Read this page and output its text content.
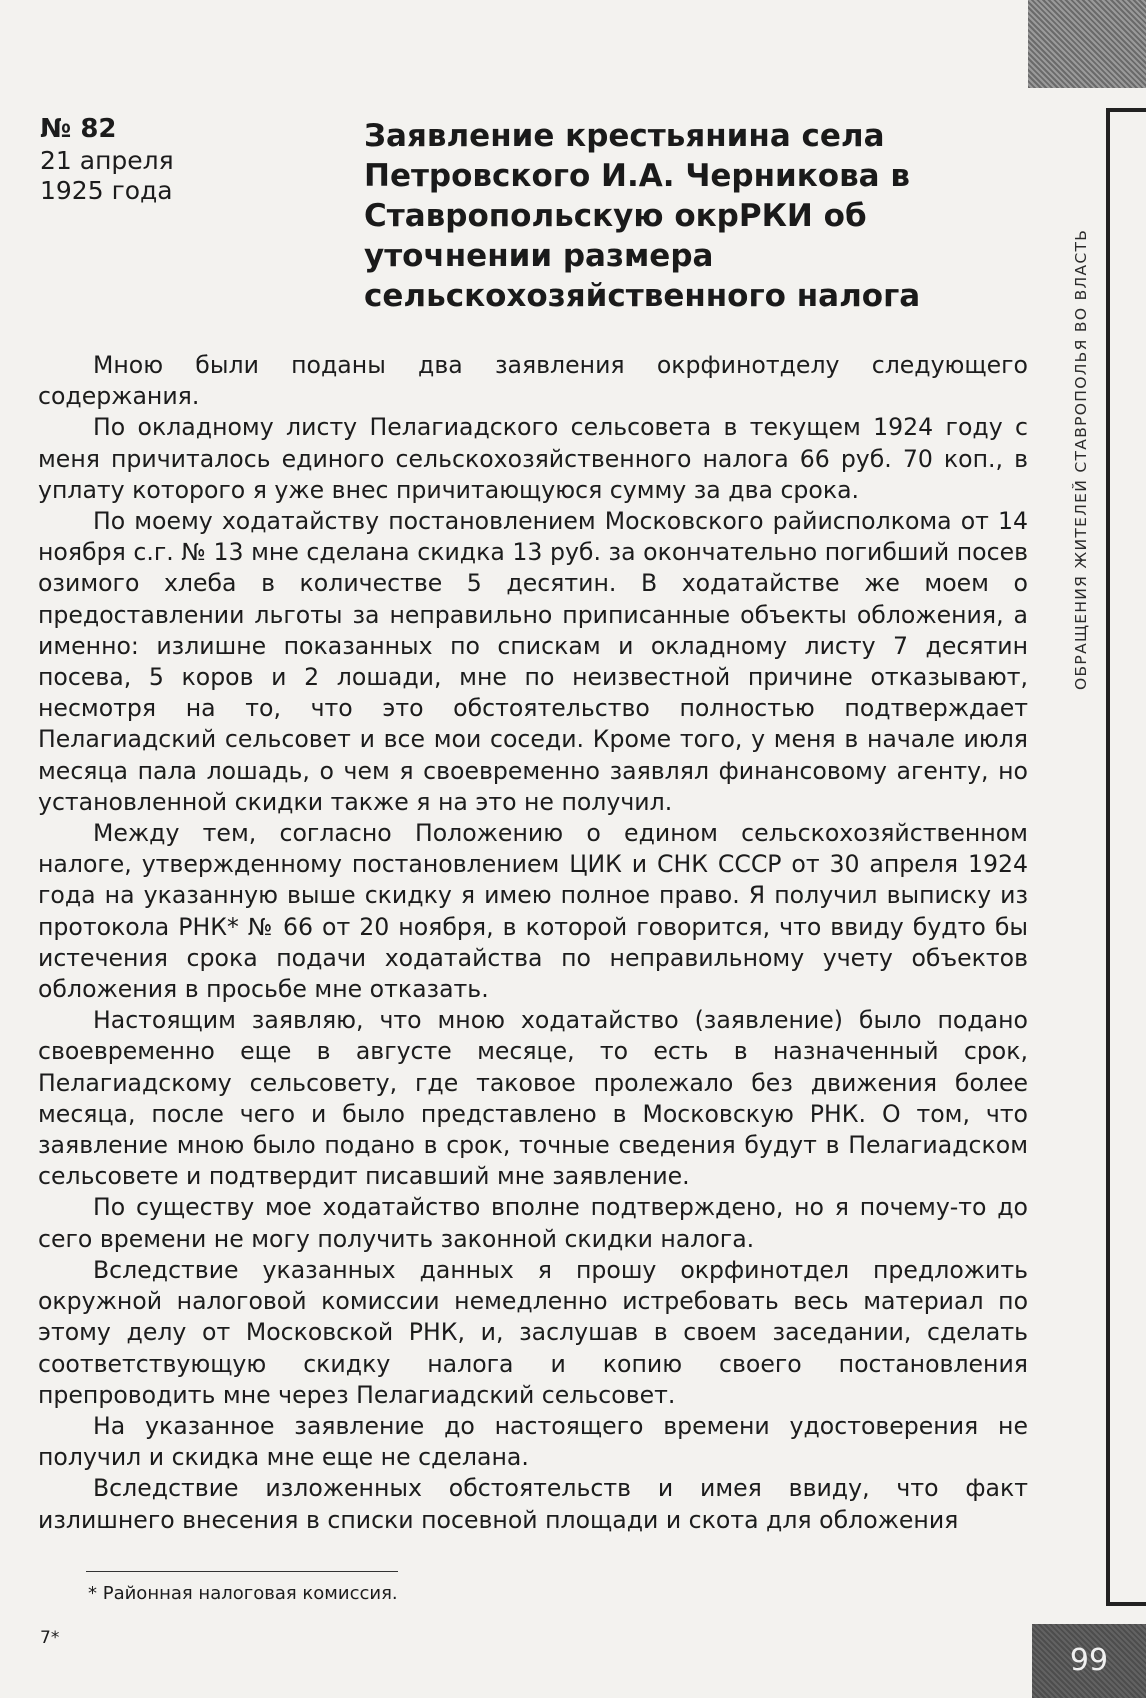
ОБРАЩЕНИЯ ЖИТЕЛЕЙ СТАВРОПОЛЬЯ ВО ВЛАСТЬ
99
№ 82
21 апреля
1925 года
Заявление крестьянина села Петровского И.А. Черникова в Ставропольскую окрРКИ об уточнении размера сельскохозяйственного налога

Мною были поданы два заявления окрфинотделу следующего содержания.

По окладному листу Пелагиадского сельсовета в текущем 1924 году с меня причиталось единого сельскохозяйственного налога 66 руб. 70 коп., в уплату которого я уже внес причитающуюся сумму за два срока.

По моему ходатайству постановлением Московского райисполкома от 14 ноября с.г. № 13 мне сделана скидка 13 руб. за окончательно погибший посев озимого хлеба в количестве 5 десятин. В ходатайстве же моем о предоставлении льготы за неправильно приписанные объекты обложения, а именно: излишне показанных по спискам и окладному листу 7 десятин посева, 5 коров и 2 лошади, мне по неизвестной причине отказывают, несмотря на то, что это обстоятельство полностью подтверждает Пелагиадский сельсовет и все мои соседи. Кроме того, у меня в начале июля месяца пала лошадь, о чем я своевременно заявлял финансовому агенту, но установленной скидки также я на это не получил.

Между тем, согласно Положению о едином сельскохозяйственном налоге, утвержденному постановлением ЦИК и СНК СССР от 30 апреля 1924 года на указанную выше скидку я имею полное право. Я получил выписку из протокола РНК* № 66 от 20 ноября, в которой говорится, что ввиду будто бы истечения срока подачи ходатайства по неправильному учету объектов обложения в просьбе мне отказать.

Настоящим заявляю, что мною ходатайство (заявление) было подано своевременно еще в августе месяце, то есть в назначенный срок, Пелагиадскому сельсовету, где таковое пролежало без движения более месяца, после чего и было представлено в Московскую РНК. О том, что заявление мною было подано в срок, точные сведения будут в Пелагиадском сельсовете и подтвердит писавший мне заявление.

По существу мое ходатайство вполне подтверждено, но я почему-то до сего времени не могу получить законной скидки налога.

Вследствие указанных данных я прошу окрфинотдел предложить окружной налоговой комиссии немедленно истребовать весь материал по этому делу от Московской РНК, и, заслушав в своем заседании, сделать соответствующую скидку налога и копию своего постановления препроводить мне через Пелагиадский сельсовет.

На указанное заявление до настоящего времени удостоверения не получил и скидка мне еще не сделана.

Вследствие изложенных обстоятельств и имея ввиду, что факт излишнего внесения в списки посевной площади и скота для обложения

* Районная налоговая комиссия.
7*
